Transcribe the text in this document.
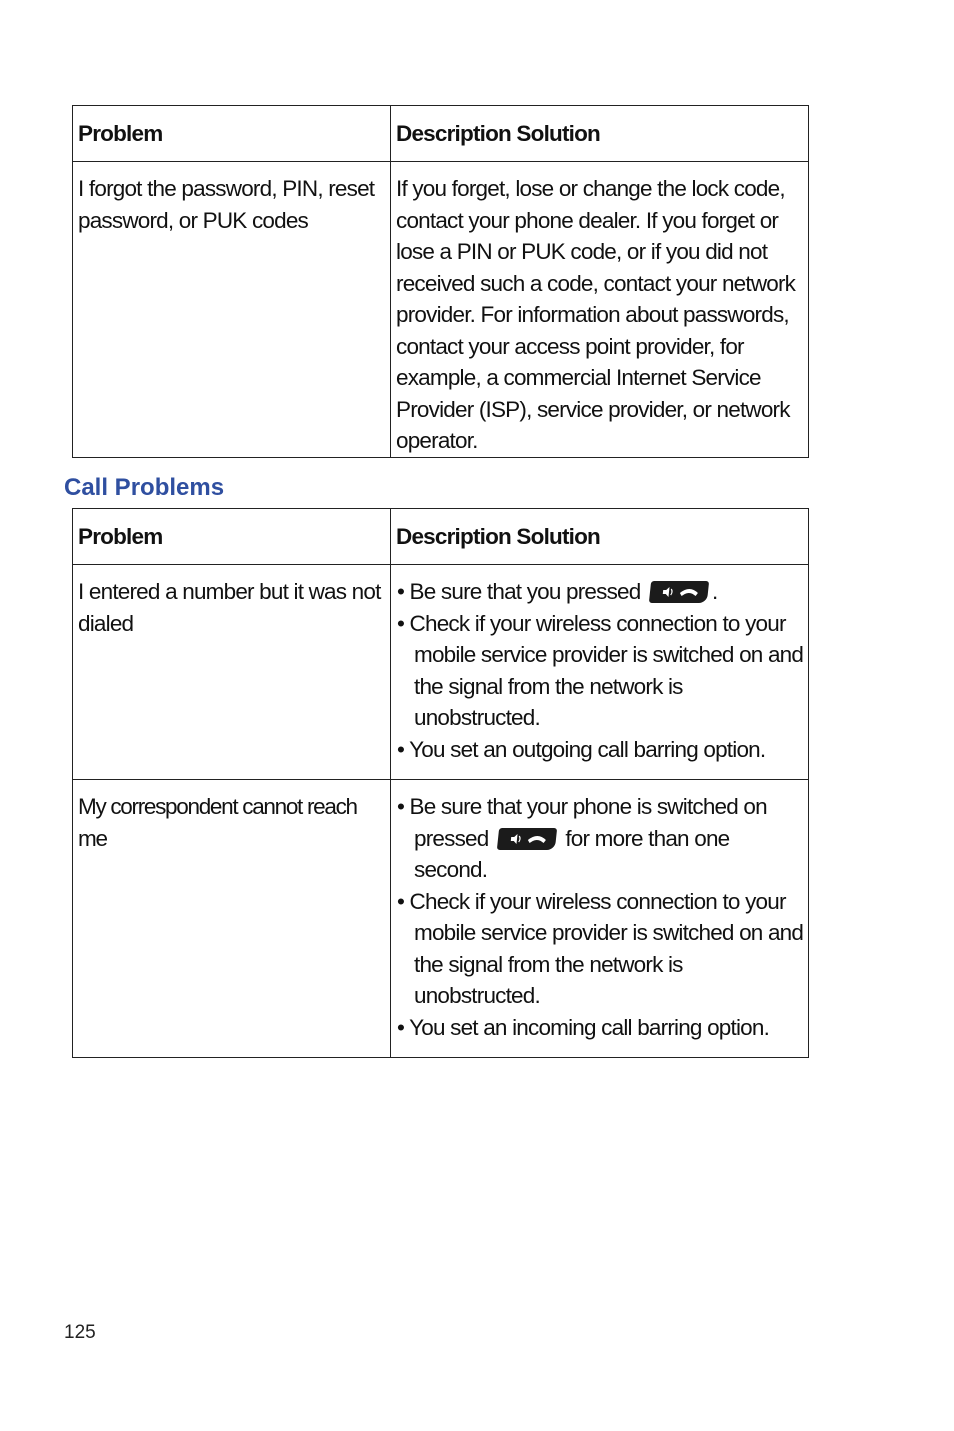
Problem	Description Solution
I forgot the password, PIN, reset password, or PUK codes	If you forget, lose or change the lock code, contact your phone dealer. If you forget or lose a PIN or PUK code, or if you did not received such a code, contact your network provider. For information about passwords, contact your access point provider, for example, a commercial Internet Service Provider (ISP), service provider, or network operator.
Call Problems
Problem	Description Solution
I entered a number but it was not dialed	• Be sure that you pressed .
• Check if your wireless connection to your mobile service provider is switched on and the signal from the network is unobstructed.
• You set an outgoing call barring option.

My correspondent cannot reach me	• Be sure that your phone is switched on pressed for more than one second.
• Check if your wireless connection to your mobile service provider is switched on and the signal from the network is unobstructed.
• You set an incoming call barring option.
125
